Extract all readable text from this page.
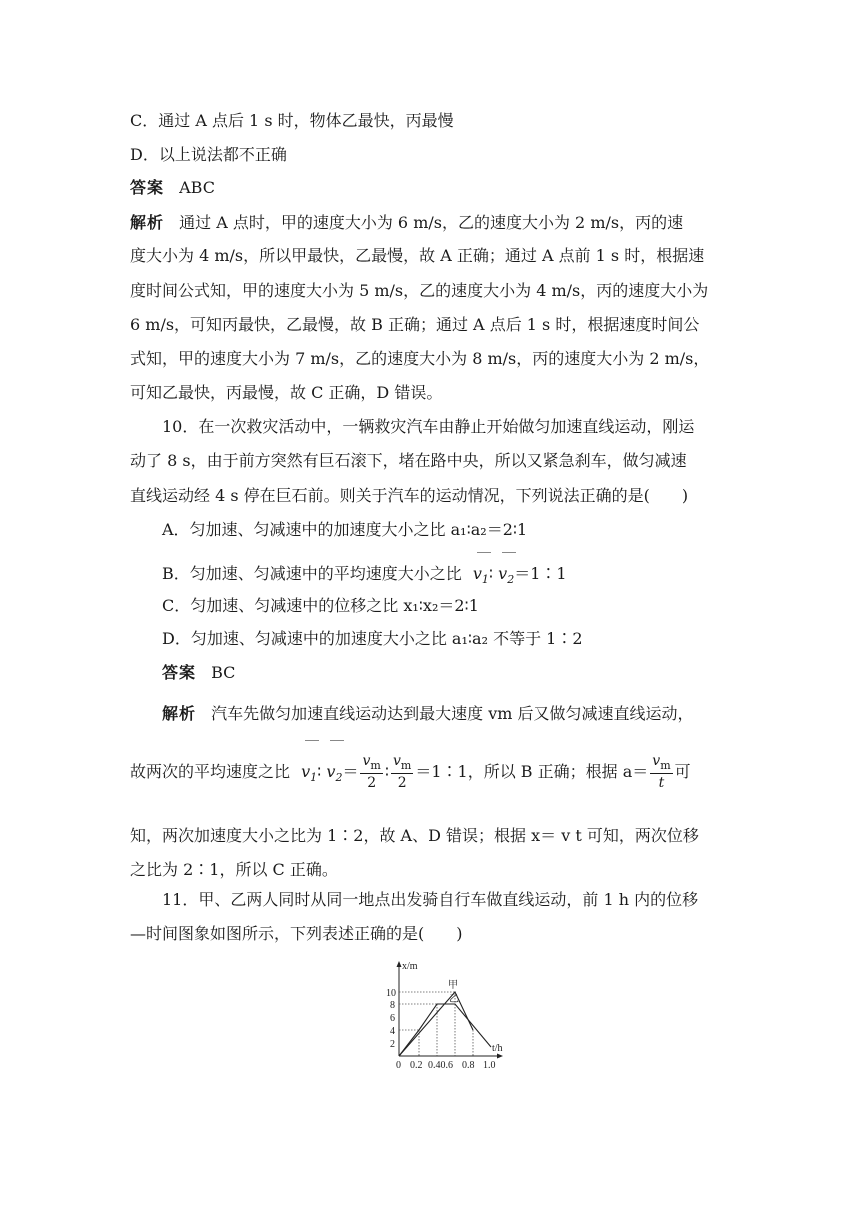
C．通过 A 点后 1 s 时，物体乙最快，丙最慢
D．以上说法都不正确
答案 ABC
解析 通过 A 点时，甲的速度大小为 6 m/s，乙的速度大小为 2 m/s，丙的速
度大小为 4 m/s，所以甲最快，乙最慢，故 A 正确；通过 A 点前 1 s 时，根据速
度时间公式知，甲的速度大小为 5 m/s，乙的速度大小为 4 m/s，丙的速度大小为
6 m/s，可知丙最快，乙最慢，故 B 正确；通过 A 点后 1 s 时，根据速度时间公
式知，甲的速度大小为 7 m/s，乙的速度大小为 8 m/s，丙的速度大小为 2 m/s，
可知乙最快，丙最慢，故 C 正确，D 错误。
10．在一次救灾活动中，一辆救灾汽车由静止开始做匀加速直线运动，刚运
动了 8 s，由于前方突然有巨石滚下，堵在路中央，所以又紧急刹车，做匀减速
直线运动经 4 s 停在巨石前。则关于汽车的运动情况，下列说法正确的是(　　)
A．匀加速、匀减速中的加速度大小之比 a₁∶a₂＝2∶1
B．匀加速、匀减速中的平均速度大小之比 $v_1∶$ $v_2=1∶1$
C．匀加速、匀减速中的位移之比 x₁∶x₂＝2∶1
D．匀加速、匀减速中的加速度大小之比 a₁∶a₂ 不等于 1∶2
答案 BC
解析 汽车先做匀加速直线运动达到最大速度 vm 后又做匀减速直线运动，
故两次的平均速度之比 $v_1∶$ $v_2= \frac{v_m}{2}$ ∶ $\frac{v_m}{2}$ ＝1∶1，所以 B 正确；根据 $a= \frac{v_m}{t}$ 可
知，两次加速度大小之比为 1∶2，故 A、D 错误；根据 x＝ v t 可知，两次位移
之比为 2∶1，所以 C 正确。
11．甲、乙两人同时从同一地点出发骑自行车做直线运动，前 1 h 内的位移
—时间图象如图所示，下列表述正确的是(　　)
x/m
t/h
10
8
6
4
2
0 0.2 0.40.6 0.8 1.0
甲
乙
